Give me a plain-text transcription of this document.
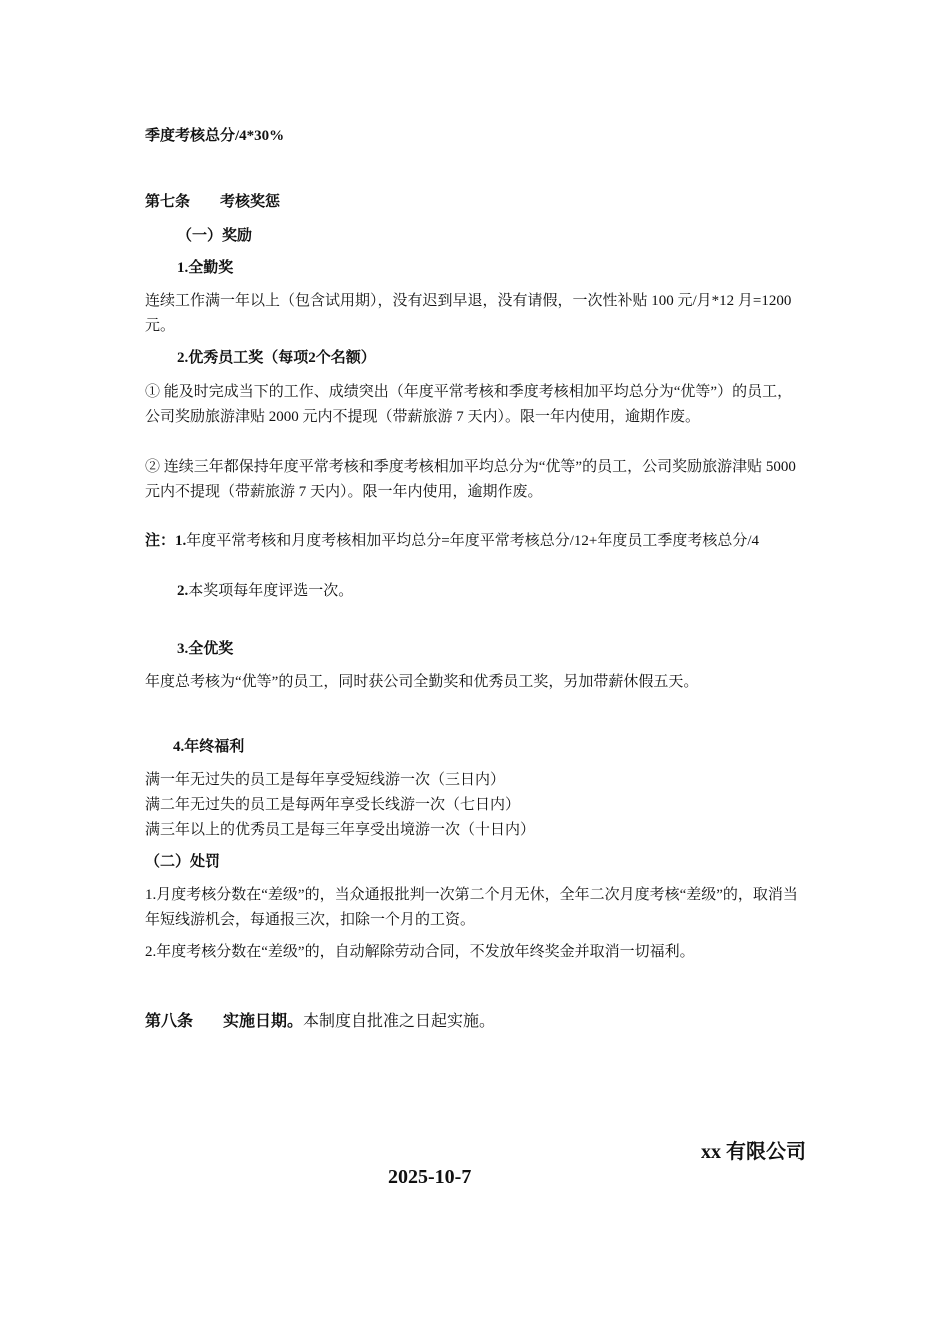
季度考核总分/4*30%

第七条 考核奖惩

（一）奖励

1.全勤奖

连续工作满一年以上（包含试用期），没有迟到早退，没有请假，一次性补贴 100 元/月*12 月=1200 元。

2.优秀员工奖（每项2个名额）

① 能及时完成当下的工作、成绩突出（年度平常考核和季度考核相加平均总分为“优等”）的员工，公司奖励旅游津贴 2000 元内不提现（带薪旅游 7 天内）。限一年内使用，逾期作废。

② 连续三年都保持年度平常考核和季度考核相加平均总分为“优等”的员工，公司奖励旅游津贴 5000 元内不提现（带薪旅游 7 天内）。限一年内使用，逾期作废。

注：1.年度平常考核和月度考核相加平均总分=年度平常考核总分/12+年度员工季度考核总分/4

2.本奖项每年度评选一次。

3.全优奖

年度总考核为“优等”的员工，同时获公司全勤奖和优秀员工奖，另加带薪休假五天。

4.年终福利

满一年无过失的员工是每年享受短线游一次（三日内）

满二年无过失的员工是每两年享受长线游一次（七日内）

满三年以上的优秀员工是每三年享受出境游一次（十日内）

（二）处罚

1.月度考核分数在“差级”的，当众通报批判一次第二个月无休，全年二次月度考核“差级”的，取消当年短线游机会，每通报三次，扣除一个月的工资。

2.年度考核分数在“差级”的，自动解除劳动合同，不发放年终奖金并取消一切福利。

第八条 实施日期。本制度自批准之日起实施。

xx 有限公司
2025-10-7
